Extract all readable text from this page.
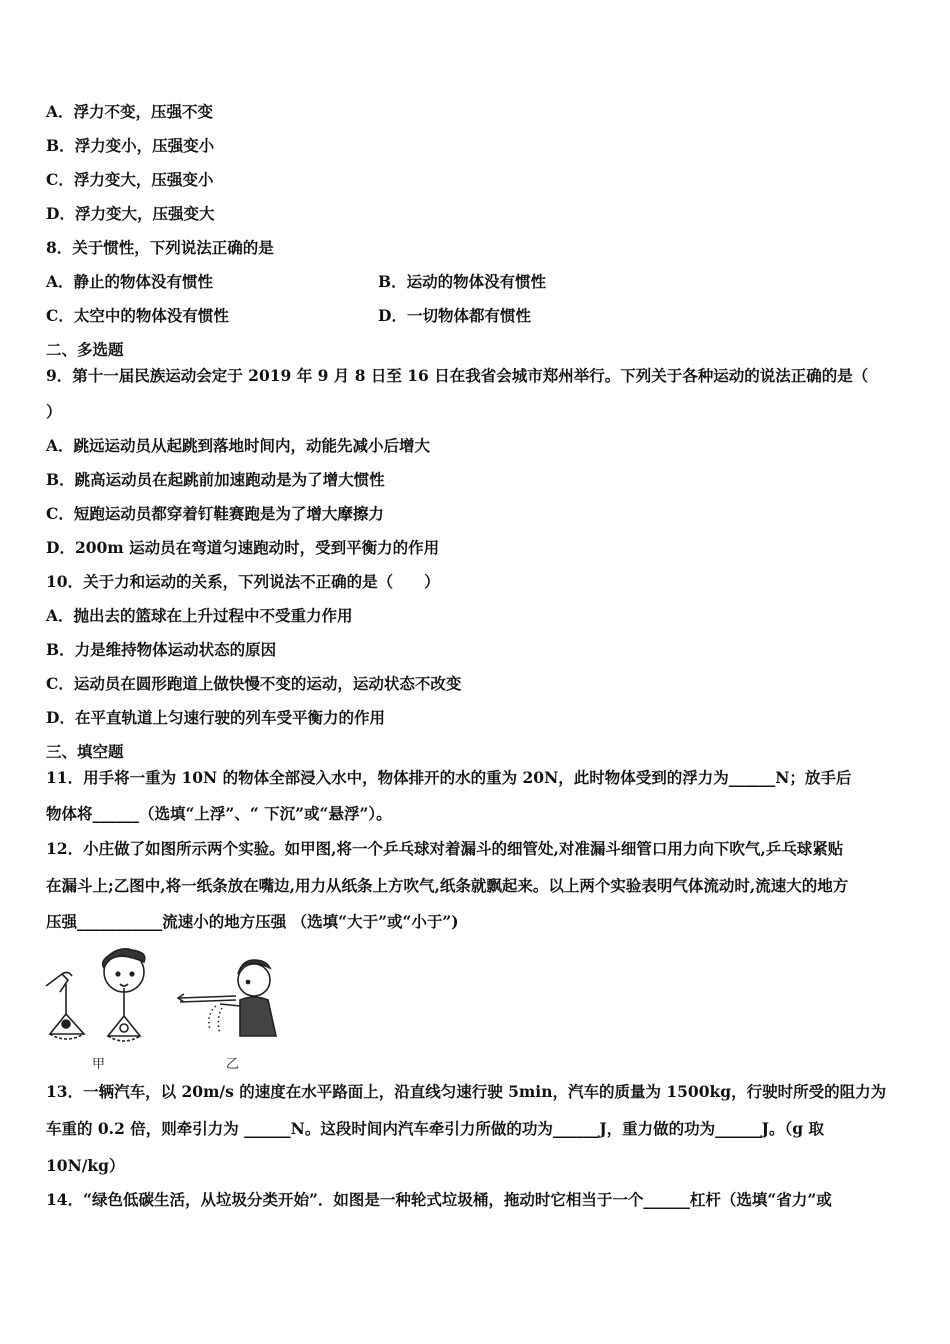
A．浮力不变，压强不变
B．浮力变小，压强变小
C．浮力变大，压强变小
D．浮力变大，压强变大
8．关于惯性，下列说法正确的是
A．静止的物体没有惯性	B．运动的物体没有惯性
C．太空中的物体没有惯性	D．一切物体都有惯性
二、多选题
9．第十一届民族运动会定于 2019 年 9 月 8 日至 16 日在我省会城市郑州举行。下列关于各种运动的说法正确的是（
）
A．跳远运动员从起跳到落地时间内，动能先减小后增大
B．跳高运动员在起跳前加速跑动是为了增大惯性
C．短跑运动员都穿着钉鞋赛跑是为了增大摩擦力
D．200m 运动员在弯道匀速跑动时，受到平衡力的作用
10．关于力和运动的关系，下列说法不正确的是（　　）
A．抛出去的篮球在上升过程中不受重力作用
B．力是维持物体运动状态的原因
C．运动员在圆形跑道上做快慢不变的运动，运动状态不改变
D．在平直轨道上匀速行驶的列车受平衡力的作用
三、填空题
11．用手将一重为 10N 的物体全部浸入水中，物体排开的水的重为 20N，此时物体受到的浮力为______N；放手后
物体将______（选填“上浮”、“ 下沉”或“悬浮”）。
12．小庄做了如图所示两个实验。如甲图,将一个乒乓球对着漏斗的细管处,对准漏斗细管口用力向下吹气,乒乓球紧贴
在漏斗上;乙图中,将一纸条放在嘴边,用力从纸条上方吹气,纸条就飘起来。以上两个实验表明气体流动时,流速大的地方
压强___________流速小的地方压强 （选填“大于”或“小于”)
甲	乙
13．一辆汽车，以 20m/s 的速度在水平路面上，沿直线匀速行驶 5min，汽车的质量为 1500kg，行驶时所受的阻力为
车重的 0.2 倍，则牵引力为 ______N。这段时间内汽车牵引力所做的功为______J，重力做的功为______J。（g 取
10N/kg）
14．“绿色低碳生活，从垃圾分类开始”．如图是一种轮式垃圾桶，拖动时它相当于一个______杠杆（选填“省力”或
